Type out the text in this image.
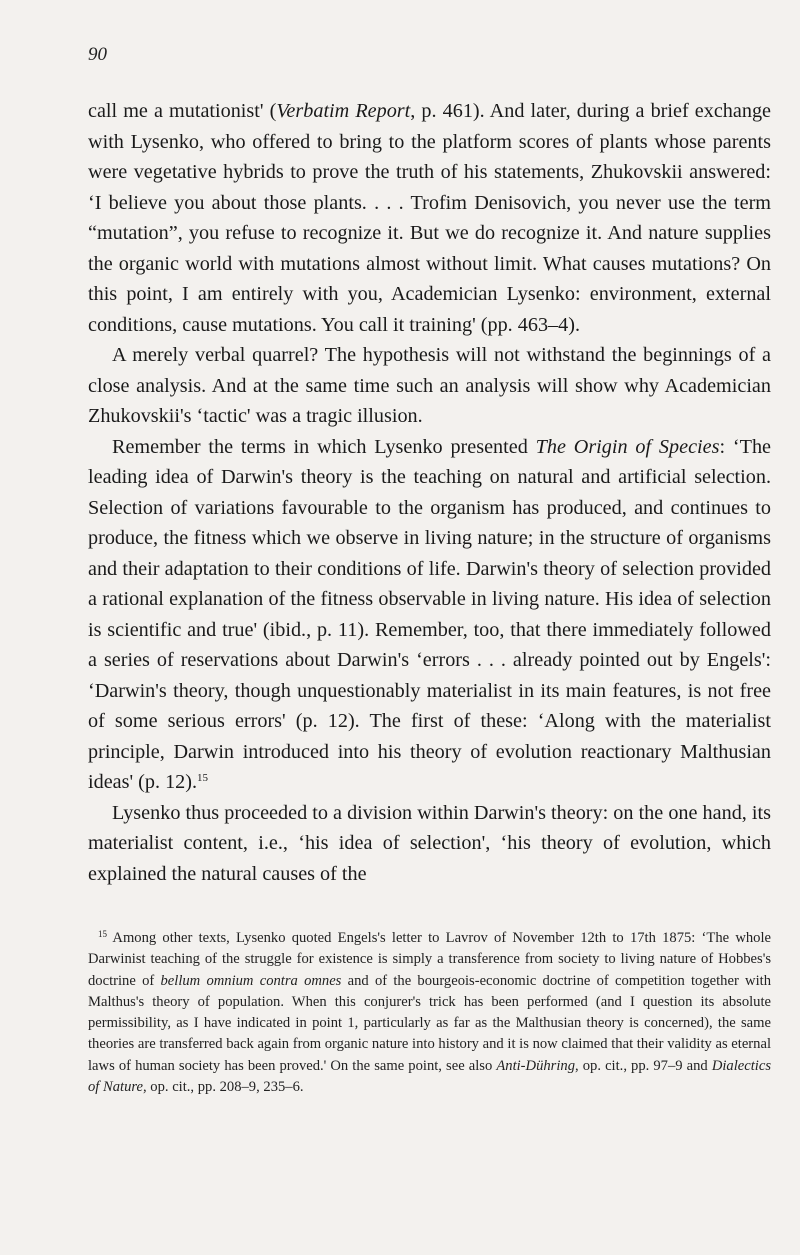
90

call me a mutationist' (Verbatim Report, p. 461). And later, during a brief exchange with Lysenko, who offered to bring to the platform scores of plants whose parents were vegetative hybrids to prove the truth of his statements, Zhukovskii answered: ‘I believe you about those plants. . . . Trofim Denisovich, you never use the term “mutation”, you refuse to recognize it. But we do recognize it. And nature supplies the organic world with mutations almost without limit. What causes mutations? On this point, I am entirely with you, Academician Lysenko: environment, external conditions, cause mutations. You call it training' (pp. 463–4).

A merely verbal quarrel? The hypothesis will not withstand the beginnings of a close analysis. And at the same time such an analysis will show why Academician Zhukovskii's ‘tactic' was a tragic illusion.

Remember the terms in which Lysenko presented The Origin of Species: ‘The leading idea of Darwin's theory is the teaching on natural and artificial selection. Selection of variations favourable to the organism has produced, and continues to produce, the fitness which we observe in living nature; in the structure of organisms and their adaptation to their conditions of life. Darwin's theory of selection provided a rational explanation of the fitness observable in living nature. His idea of selection is scientific and true' (ibid., p. 11). Remember, too, that there immediately followed a series of reservations about Darwin's ‘errors . . . already pointed out by Engels': ‘Darwin's theory, though unquestionably materialist in its main features, is not free of some serious errors' (p. 12). The first of these: ‘Along with the materialist principle, Darwin introduced into his theory of evolution reactionary Malthusian ideas' (p. 12).$^{15}$

Lysenko thus proceeded to a division within Darwin's theory: on the one hand, its materialist content, i.e., ‘his idea of selection', ‘his theory of evolution, which explained the natural causes of the

$^{15}$ Among other texts, Lysenko quoted Engels's letter to Lavrov of November 12th to 17th 1875: ‘The whole Darwinist teaching of the struggle for existence is simply a transference from society to living nature of Hobbes's doctrine of bellum omnium contra omnes and of the bourgeois-economic doctrine of competition together with Malthus's theory of population. When this conjurer's trick has been performed (and I question its absolute permissibility, as I have indicated in point 1, particularly as far as the Malthusian theory is concerned), the same theories are transferred back again from organic nature into history and it is now claimed that their validity as eternal laws of human society has been proved.' On the same point, see also Anti-Dühring, op. cit., pp. 97–9 and Dialectics of Nature, op. cit., pp. 208–9, 235–6.
